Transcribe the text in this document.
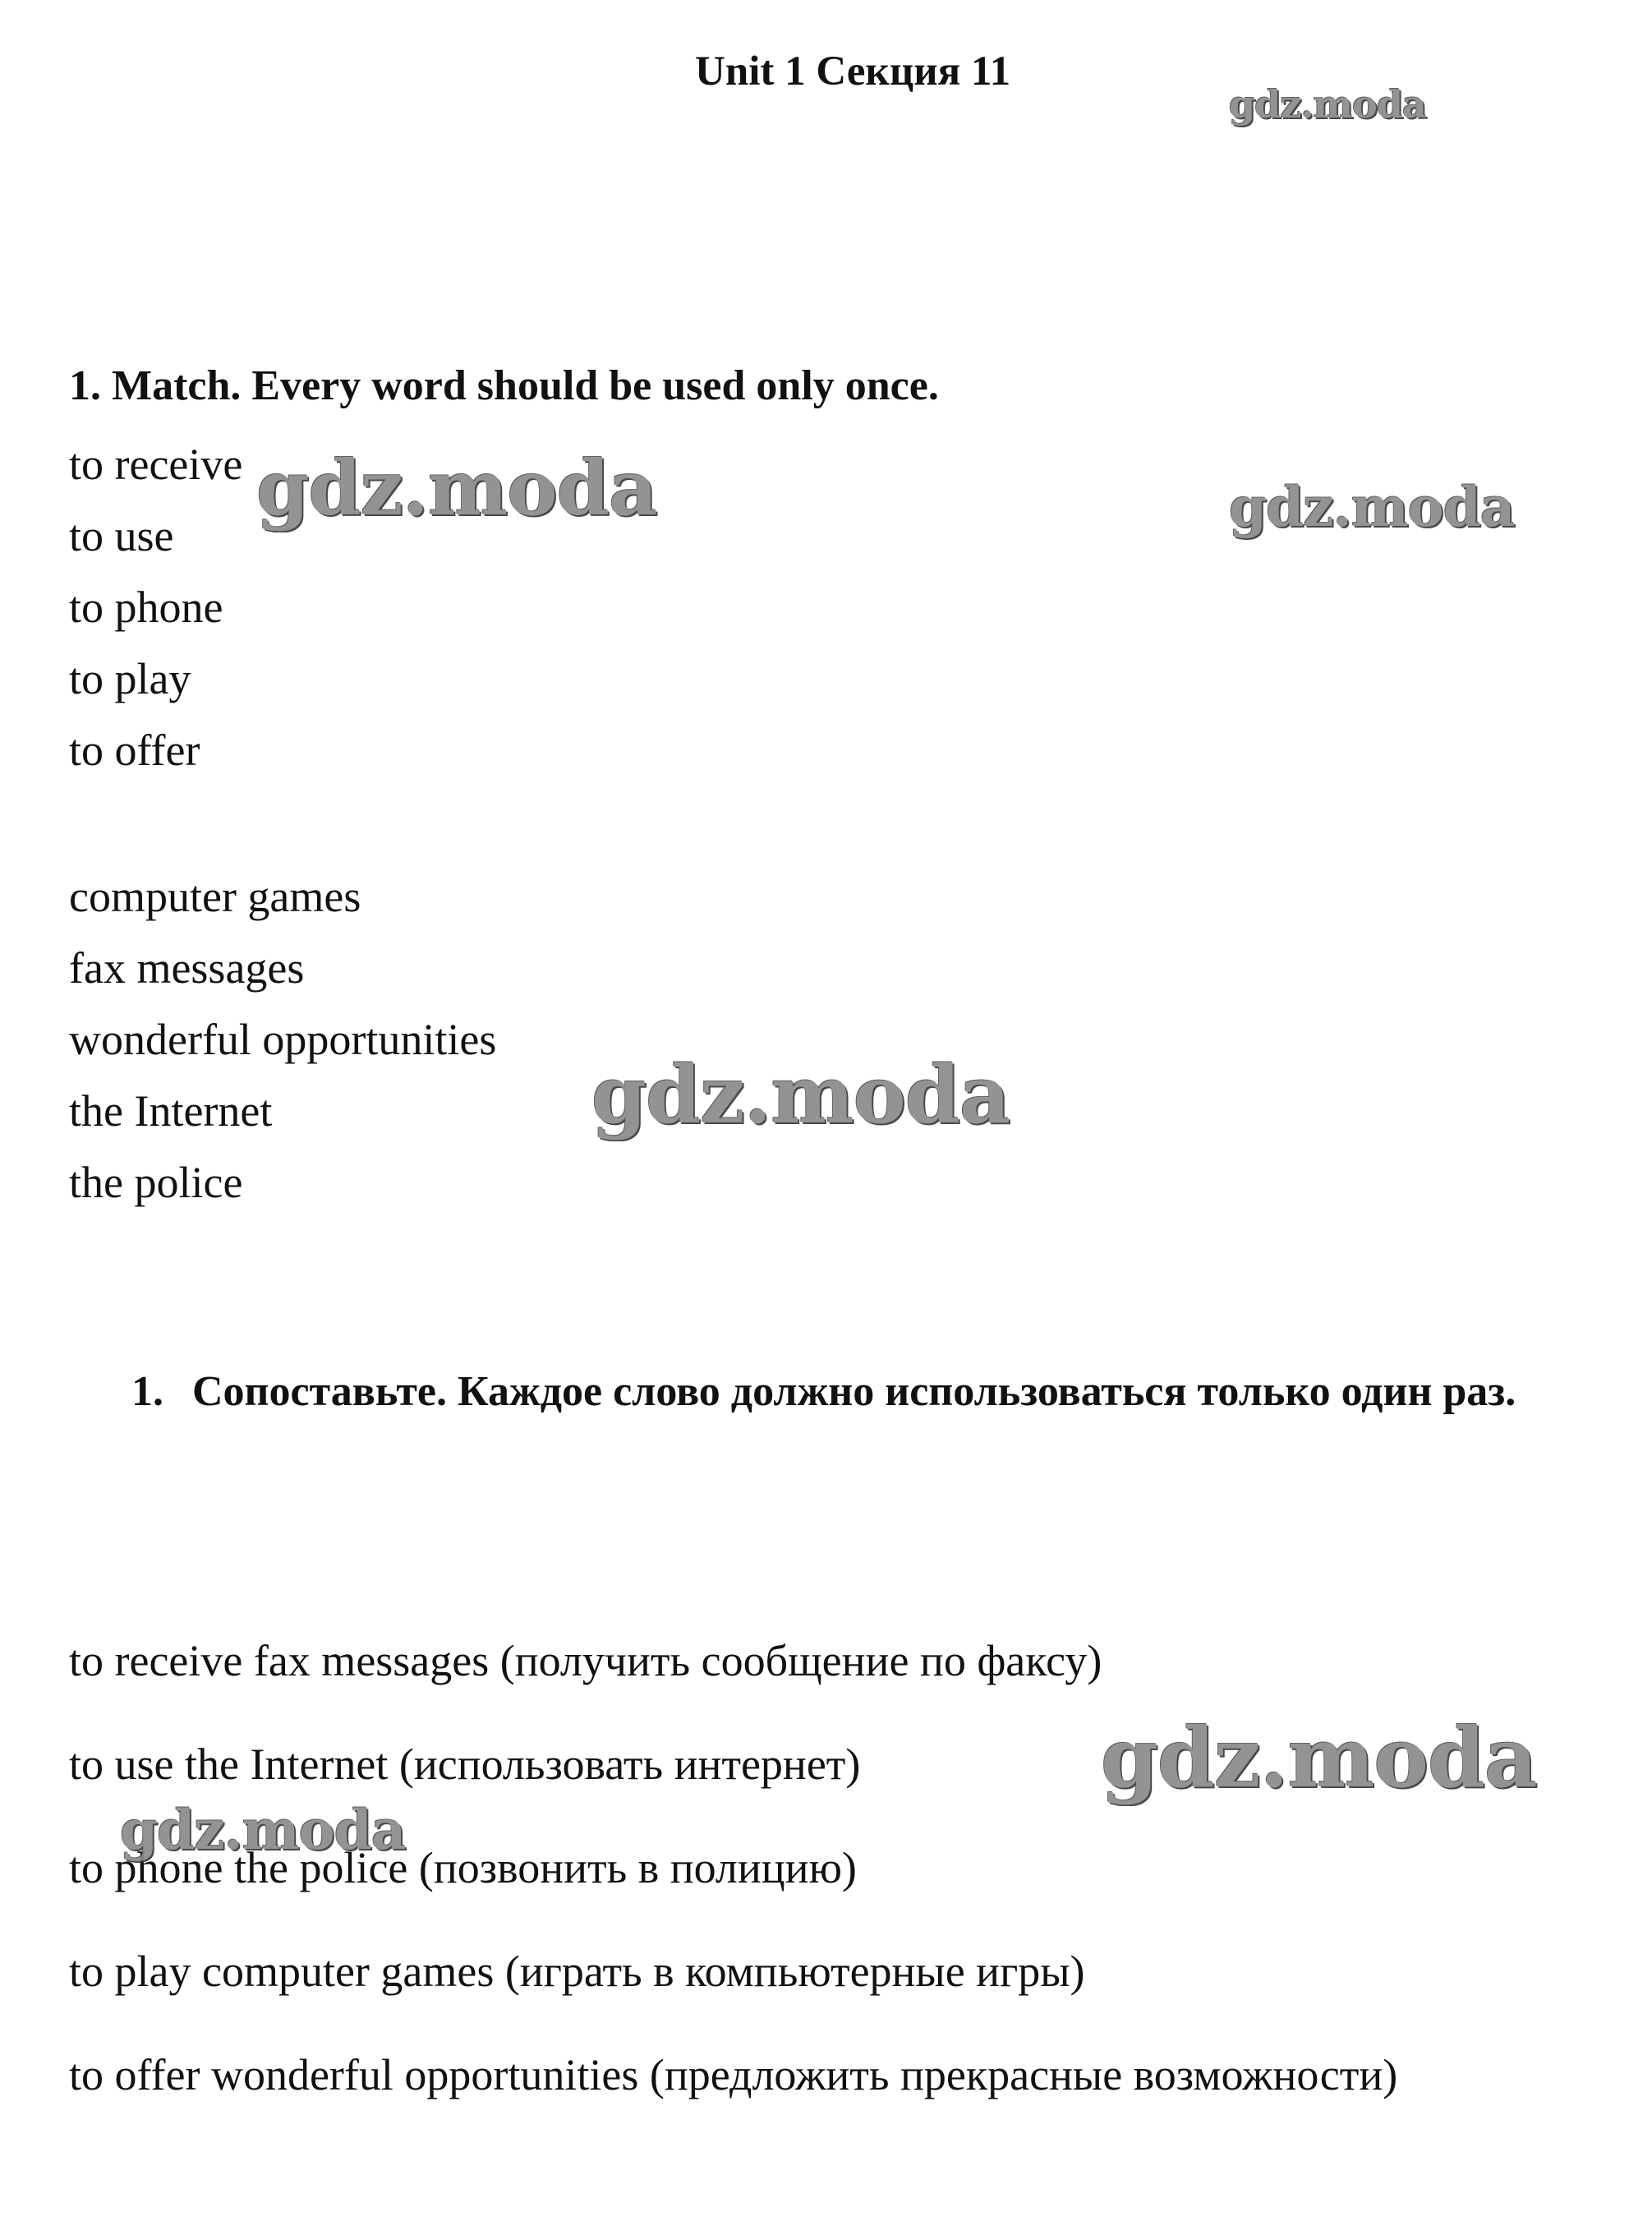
Unit 1 Секция 11
1. Match. Every word should be used only once.
to receive
to use
to phone
to play
to offer
computer games
fax messages
wonderful opportunities
the Internet
the police
1. Сопоставьте. Каждое слово должно использоваться только один раз.
to receive fax messages (получить сообщение по факсу)
to use the Internet (использовать интернет)
to phone the police (позвонить в полицию)
to play computer games (играть в компьютерные игры)
to offer wonderful opportunities (предложить прекрасные возможности)
gdz.moda
gdz.moda	gdz.moda
gdz.moda
gdz.moda
gdz.moda
